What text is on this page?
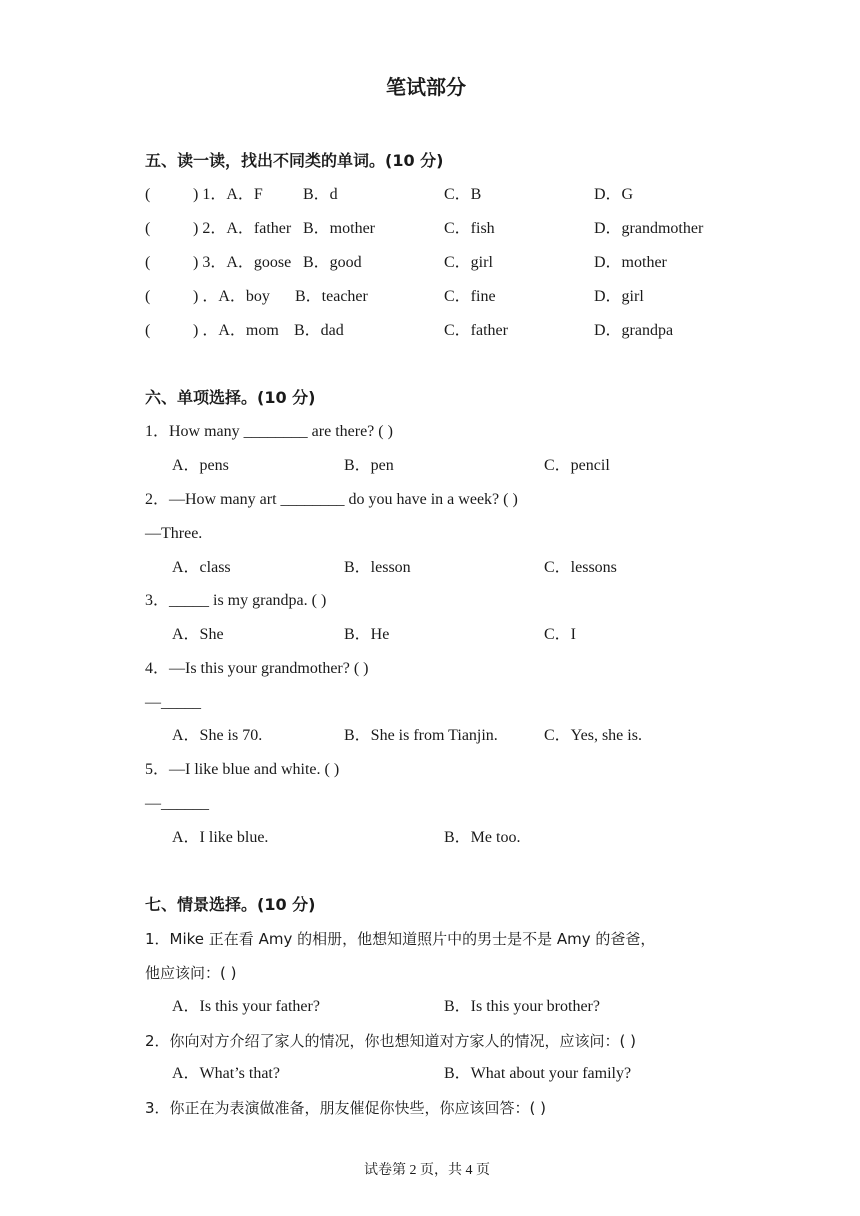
笔试部分
五、读一读，找出不同类的单词。(10 分)
(	) 1．A．F	B．d	C．B	D．G
(	) 2．A．father B．mother	C．fish	D．grandmother
(	) 3．A．goose B．good	C．girl	D．mother
(	) ．A．boy B．teacher	C．fine	D．girl
(	) ．A．mom B．dad	C．father	D．grandpa
六、单项选择。(10 分)
1．How many ________ are there? ( )
A．pens	B．pen	C．pencil
2．—How many art ________ do you have in a week? ( )
—Three.
A．class	B．lesson	C．lessons
3．_____ is my grandpa. ( )
A．She	B．He	C．I
4．—Is this your grandmother? ( )
—_____
A．She is 70.	B．She is from Tianjin.	C．Yes, she is.
5．—I like blue and white. ( )
—______
A．I like blue.	B．Me too.
七、情景选择。(10 分)
1．Mike 正在看 Amy 的相册，他想知道照片中的男士是不是 Amy 的爸爸，
他应该问：( )
A．Is this your father?	B．Is this your brother?
2．你向对方介绍了家人的情况，你也想知道对方家人的情况，应该问：( )
A．What’s that?	B．What about your family?
3．你正在为表演做准备，朋友催促你快些，你应该回答：( )
试卷第 2 页，共 4 页
